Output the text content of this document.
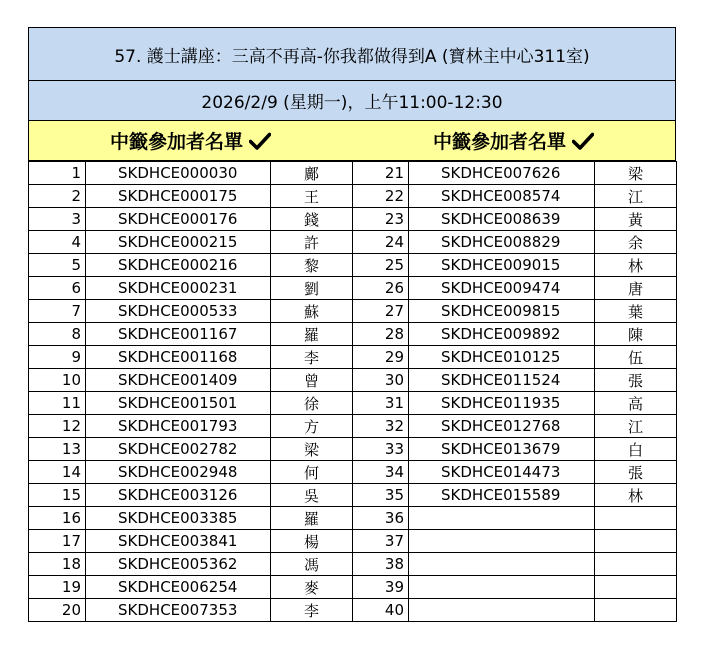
57. 護士講座：三高不再高-你我都做得到A (寶林主中心311室)
2026/2/9 (星期一)，上午11:00-12:30
中籤參加者名單	中籤參加者名單
1	SKDHCE000030	鄺	21	SKDHCE007626	梁
2	SKDHCE000175	王	22	SKDHCE008574	江
3	SKDHCE000176	錢	23	SKDHCE008639	黃
4	SKDHCE000215	許	24	SKDHCE008829	余
5	SKDHCE000216	黎	25	SKDHCE009015	林
6	SKDHCE000231	劉	26	SKDHCE009474	唐
7	SKDHCE000533	蘇	27	SKDHCE009815	葉
8	SKDHCE001167	羅	28	SKDHCE009892	陳
9	SKDHCE001168	李	29	SKDHCE010125	伍
10	SKDHCE001409	曾	30	SKDHCE011524	張
11	SKDHCE001501	徐	31	SKDHCE011935	高
12	SKDHCE001793	方	32	SKDHCE012768	江
13	SKDHCE002782	梁	33	SKDHCE013679	白
14	SKDHCE002948	何	34	SKDHCE014473	張
15	SKDHCE003126	吳	35	SKDHCE015589	林
16	SKDHCE003385	羅	36		
17	SKDHCE003841	楊	37		
18	SKDHCE005362	馮	38		
19	SKDHCE006254	麥	39		
20	SKDHCE007353	李	40		
